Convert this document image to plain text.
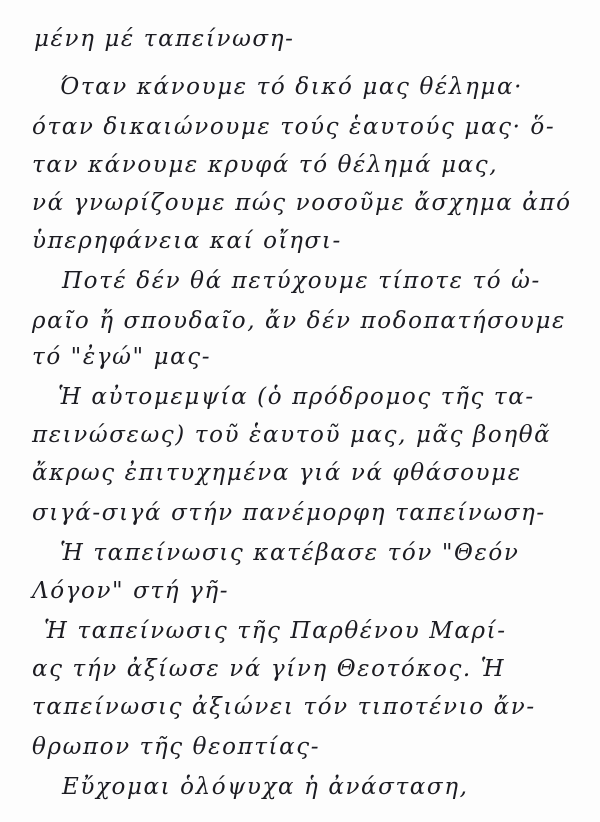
μένη μέ ταπείνωση-
Όταν κάνουμε τό δικό μας θέλημα·
όταν δικαιώνουμε τούς ἑαυτούς μας· ὅ-
ταν κάνουμε κρυφά τό θέλημά μας,
νά γνωρίζουμε πώς νοσοῦμε ἄσχημα ἀπό
ὑπερηφάνεια καί οἴησι-
Ποτέ δέν θά πετύχουμε τίποτε τό ὡ-
ραῖο ἤ σπουδαῖο, ἄν δέν ποδοπατήσουμε
τό "ἐγώ" μας-
Ἡ αὐτομεμψία (ὁ πρόδρομος τῆς τα-
πεινώσεως) τοῦ ἑαυτοῦ μας, μᾶς βοηθᾶ
ἄκρως ἐπιτυχημένα γιά νά φθάσουμε
σιγά-σιγά στήν πανέμορφη ταπείνωση-
Ἡ ταπείνωσις κατέβασε τόν "Θεόν
Λόγον" στή γῆ-
Ἡ ταπείνωσις τῆς Παρθένου Μαρί-
ας τήν ἀξίωσε νά γίνη Θεοτόκος. Ἡ
ταπείνωσις ἀξιώνει τόν τιποτένιο ἄν-
θρωπον τῆς θεοπτίας-
Εὔχομαι ὁλόψυχα ἡ ἀνάσταση,
